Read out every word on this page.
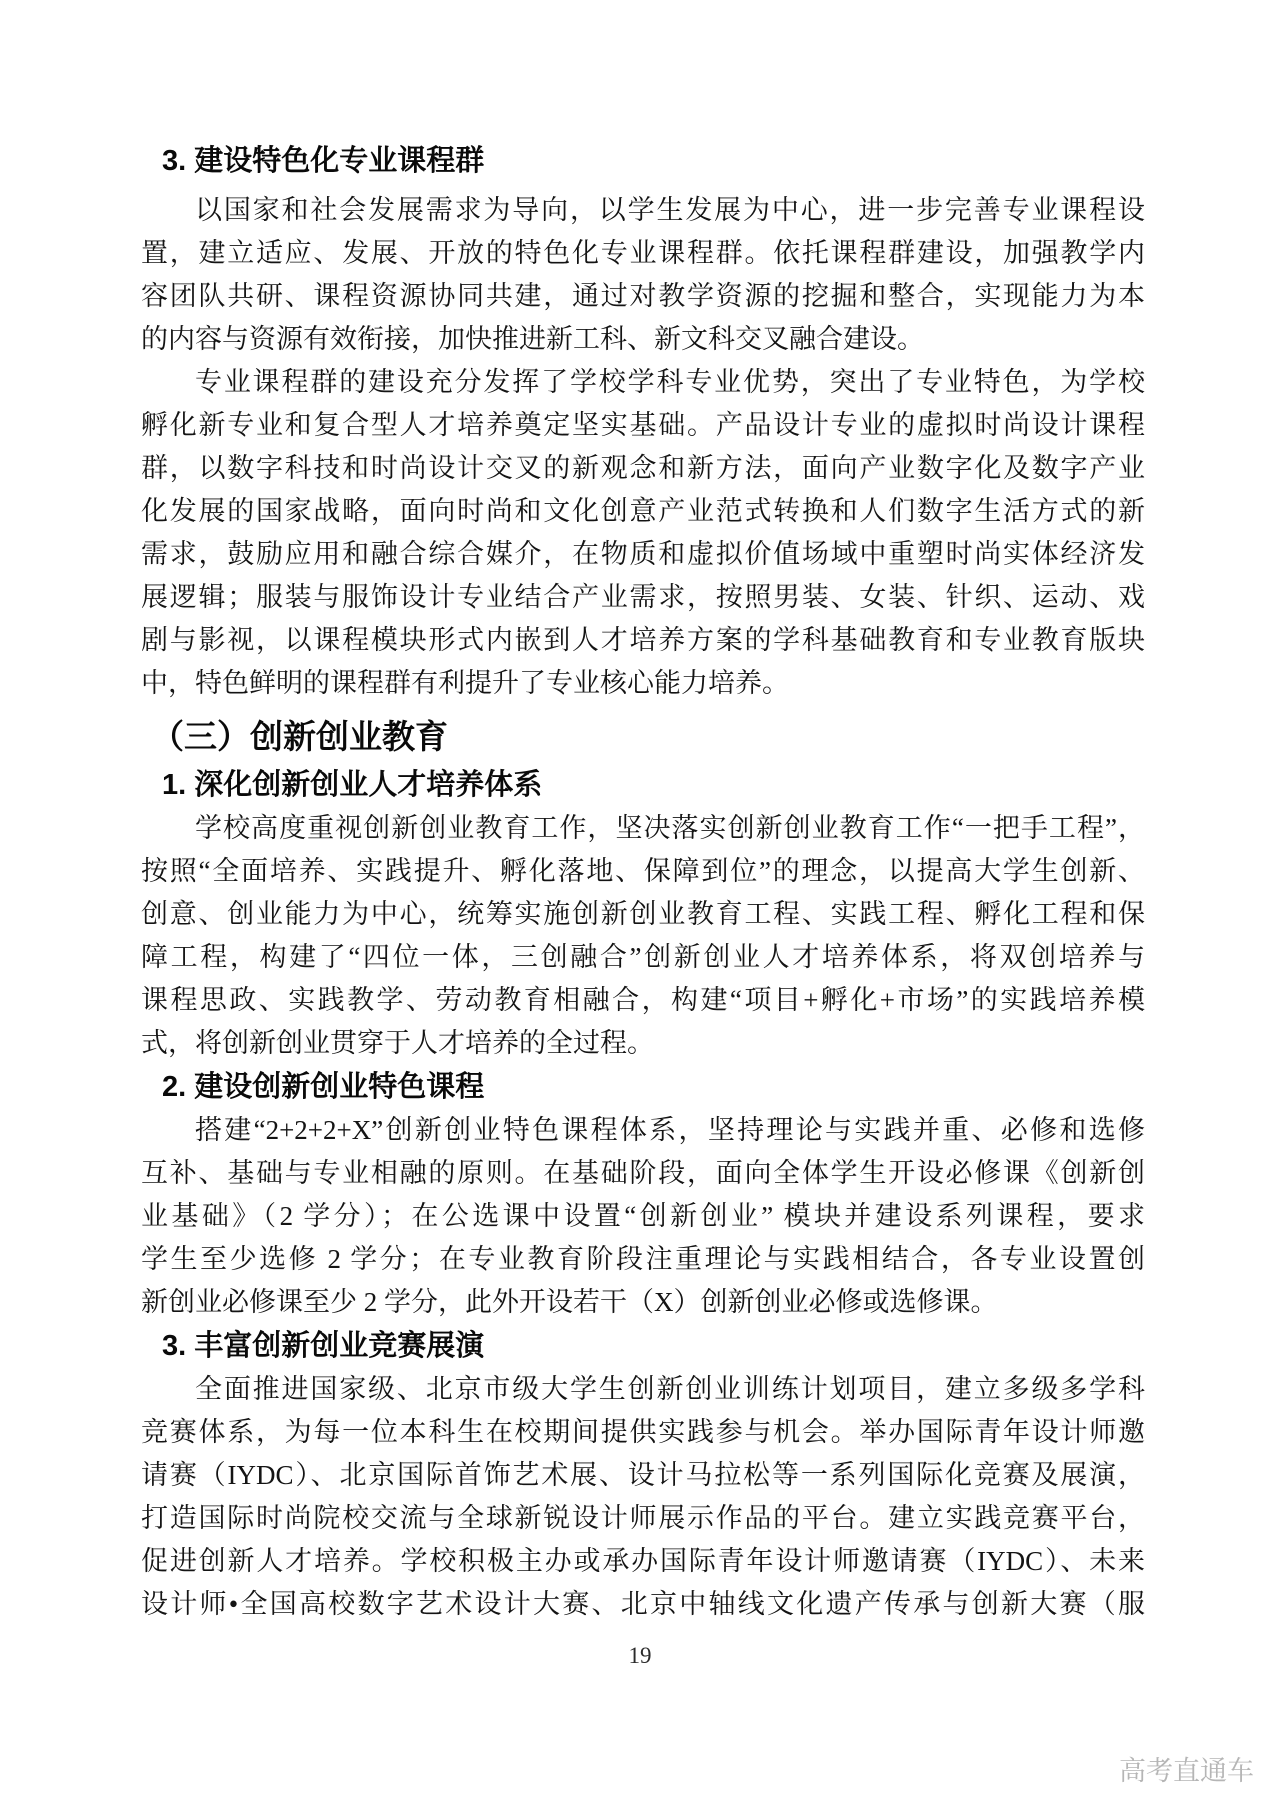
3. 建设特色化专业课程群
以国家和社会发展需求为导向，以学生发展为中心，进一步完善专业课程设
置，建立适应、发展、开放的特色化专业课程群。依托课程群建设，加强教学内
容团队共研、课程资源协同共建，通过对教学资源的挖掘和整合，实现能力为本
的内容与资源有效衔接，加快推进新工科、新文科交叉融合建设。
专业课程群的建设充分发挥了学校学科专业优势，突出了专业特色，为学校
孵化新专业和复合型人才培养奠定坚实基础。产品设计专业的虚拟时尚设计课程
群，以数字科技和时尚设计交叉的新观念和新方法，面向产业数字化及数字产业
化发展的国家战略，面向时尚和文化创意产业范式转换和人们数字生活方式的新
需求，鼓励应用和融合综合媒介，在物质和虚拟价值场域中重塑时尚实体经济发
展逻辑；服装与服饰设计专业结合产业需求，按照男装、女装、针织、运动、戏
剧与影视，以课程模块形式内嵌到人才培养方案的学科基础教育和专业教育版块
中，特色鲜明的课程群有利提升了专业核心能力培养。
（三）创新创业教育
1. 深化创新创业人才培养体系
学校高度重视创新创业教育工作，坚决落实创新创业教育工作“一把手工程”，
按照“全面培养、实践提升、孵化落地、保障到位”的理念，以提高大学生创新、
创意、创业能力为中心，统筹实施创新创业教育工程、实践工程、孵化工程和保
障工程，构建了“四位一体，三创融合”创新创业人才培养体系，将双创培养与
课程思政、实践教学、劳动教育相融合，构建“项目+孵化+市场”的实践培养模
式，将创新创业贯穿于人才培养的全过程。
2. 建设创新创业特色课程
搭建“2+2+2+X”创新创业特色课程体系，坚持理论与实践并重、必修和选修
互补、基础与专业相融的原则。在基础阶段，面向全体学生开设必修课《创新创
业基础》（2 学分）；在公选课中设置“创新创业” 模块并建设系列课程，要求
学生至少选修 2 学分；在专业教育阶段注重理论与实践相结合，各专业设置创
新创业必修课至少 2 学分，此外开设若干（X）创新创业必修或选修课。
3. 丰富创新创业竞赛展演
全面推进国家级、北京市级大学生创新创业训练计划项目，建立多级多学科
竞赛体系，为每一位本科生在校期间提供实践参与机会。举办国际青年设计师邀
请赛（IYDC）、北京国际首饰艺术展、设计马拉松等一系列国际化竞赛及展演，
打造国际时尚院校交流与全球新锐设计师展示作品的平台。建立实践竞赛平台，
促进创新人才培养。学校积极主办或承办国际青年设计师邀请赛（IYDC）、未来
设计师•全国高校数字艺术设计大赛、北京中轴线文化遗产传承与创新大赛（服
19
高考直通车
